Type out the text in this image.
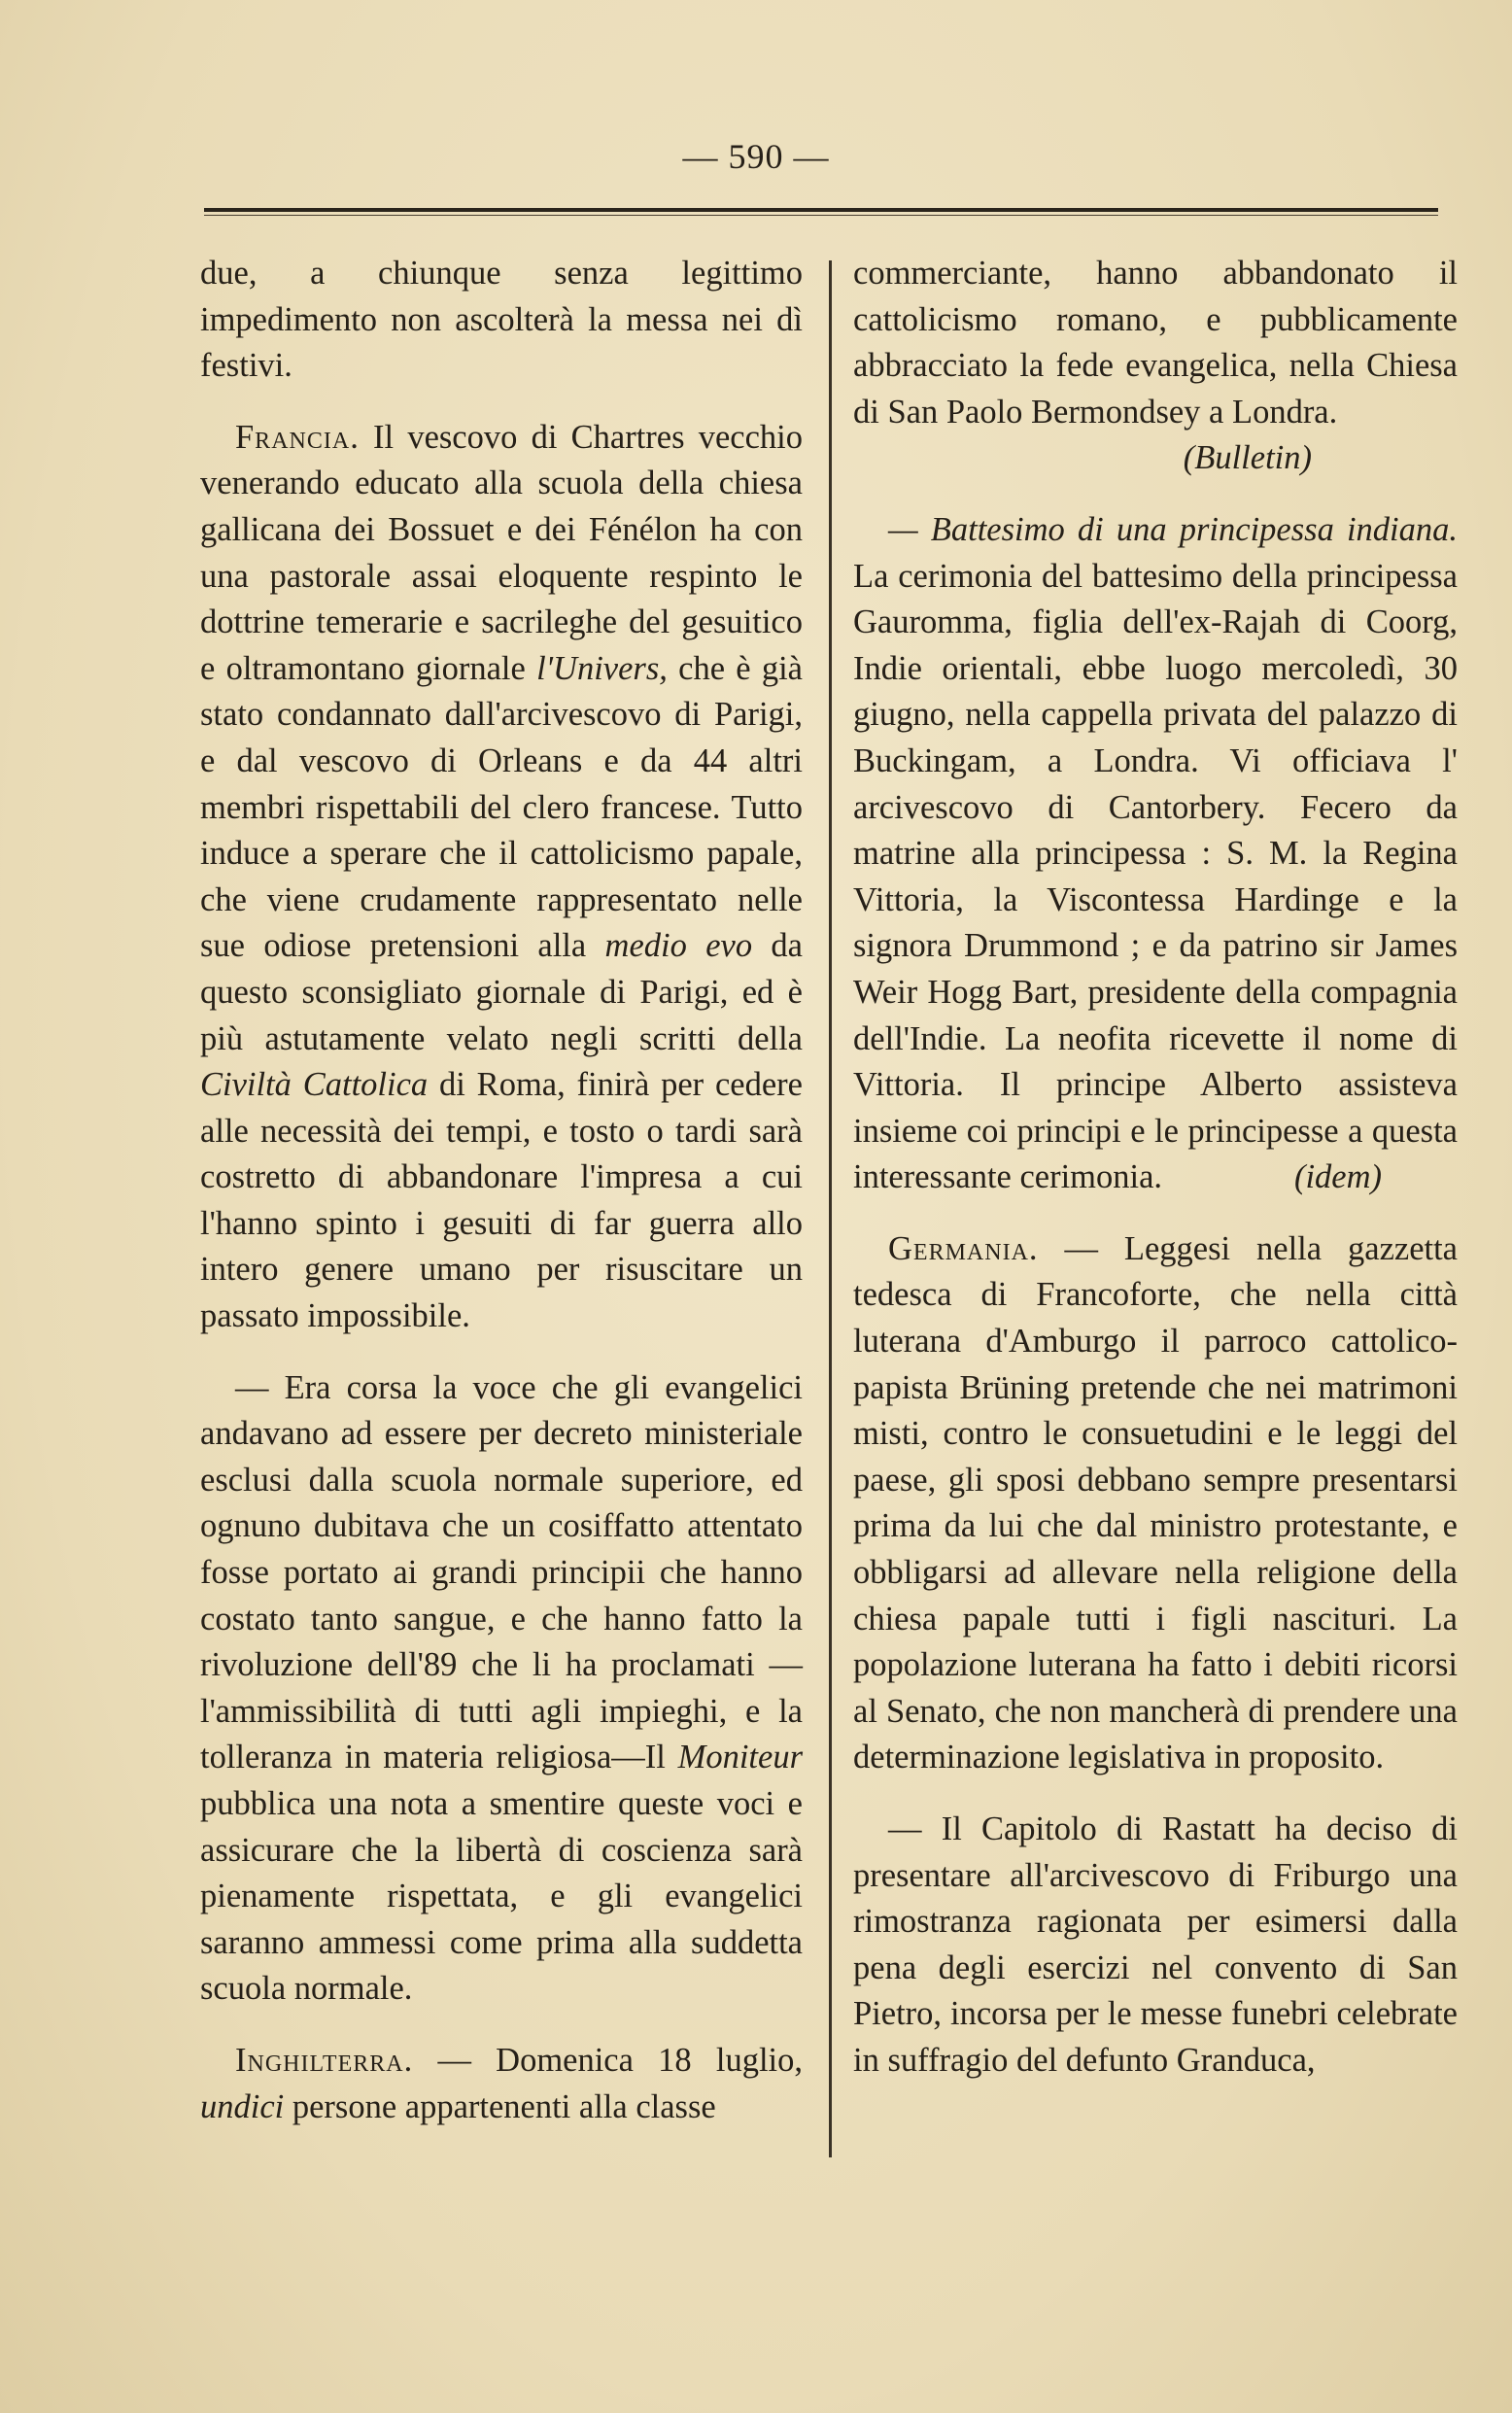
— 590 —

due, a chiunque senza legittimo impedimento non ascolterà la messa nei dì festivi.

Francia. Il vescovo di Chartres vecchio venerando educato alla scuola della chiesa gallicana dei Bossuet e dei Fénélon ha con una pastorale assai eloquente respinto le dottrine temerarie e sacrileghe del gesuitico e oltramontano giornale l'Univers, che è già stato condannato dall'arcivescovo di Parigi, e dal vescovo di Orleans e da 44 altri membri rispettabili del clero francese. Tutto induce a sperare che il cattolicismo papale, che viene crudamente rappresentato nelle sue odiose pretensioni alla medio evo da questo sconsigliato giornale di Parigi, ed è più astutamente velato negli scritti della Civiltà Cattolica di Roma, finirà per cedere alle necessità dei tempi, e tosto o tardi sarà costretto di abbandonare l'impresa a cui l'hanno spinto i gesuiti di far guerra allo intero genere umano per risuscitare un passato impossibile.

— Era corsa la voce che gli evangelici andavano ad essere per decreto ministeriale esclusi dalla scuola normale superiore, ed ognuno dubitava che un cosiffatto attentato fosse portato ai grandi principii che hanno costato tanto sangue, e che hanno fatto la rivoluzione dell'89 che li ha proclamati — l'ammissibilità di tutti agli impieghi, e la tolleranza in materia religiosa—Il Moniteur pubblica una nota a smentire queste voci e assicurare che la libertà di coscienza sarà pienamente rispettata, e gli evangelici saranno ammessi come prima alla suddetta scuola normale.

Inghilterra. — Domenica 18 luglio, undici persone appartenenti alla classe

commerciante, hanno abbandonato il cattolicismo romano, e pubblicamente abbracciato la fede evangelica, nella Chiesa di San Paolo Bermondsey a Londra.
(Bulletin)

— Battesimo di una principessa indiana. La cerimonia del battesimo della principessa Gauromma, figlia dell'ex-Rajah di Coorg, Indie orientali, ebbe luogo mercoledì, 30 giugno, nella cappella privata del palazzo di Buckingam, a Londra. Vi officiava l' arcivescovo di Cantorbery. Fecero da matrine alla principessa : S. M. la Regina Vittoria, la Viscontessa Hardinge e la signora Drummond ; e da patrino sir James Weir Hogg Bart, presidente della compagnia dell'Indie. La neofita ricevette il nome di Vittoria. Il principe Alberto assisteva insieme coi principi e le principesse a questa interessante cerimonia.	(idem)

Germania. — Leggesi nella gazzetta tedesca di Francoforte, che nella città luterana d'Amburgo il parroco cattolico-papista Brüning pretende che nei matrimoni misti, contro le consuetudini e le leggi del paese, gli sposi debbano sempre presentarsi prima da lui che dal ministro protestante, e obbligarsi ad allevare nella religione della chiesa papale tutti i figli nascituri. La popolazione luterana ha fatto i debiti ricorsi al Senato, che non mancherà di prendere una determinazione legislativa in proposito.

— Il Capitolo di Rastatt ha deciso di presentare all'arcivescovo di Friburgo una rimostranza ragionata per esimersi dalla pena degli esercizi nel convento di San Pietro, incorsa per le messe funebri celebrate in suffragio del defunto Granduca,
